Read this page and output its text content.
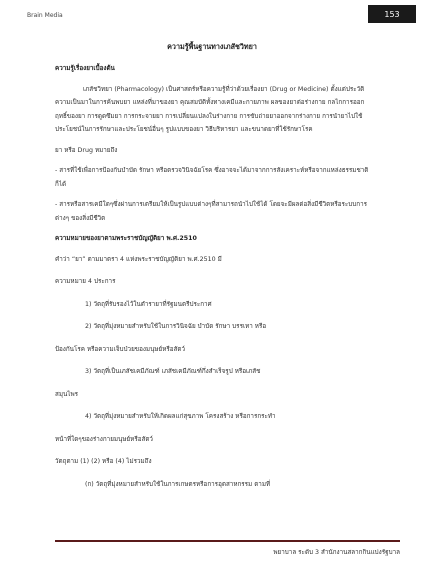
Brain Media	153
ความรู้พื้นฐานทางเภสัชวิทยา

ความรู้เรื่องยาเบื้องต้น

เภสัชวิทยา (Pharmacology) เป็นศาสตร์หรือความรู้ที่ว่าด้วยเรื่องยา (Drug or Medicine) ตั้งแต่ประวัติความเป็นมาในการค้นพบยา แหล่งที่มาของยา คุณสมบัติทั้งทางเคมีและกายภาพ ผลของยาต่อร่างกาย กลไกการออกฤทธิ์ของยา การดูดซึมยา การกระจายยา การเปลี่ยนแปลงในร่างกาย การขับถ่ายยาออกจากร่างกาย การนำยาไปใช้ประโยชน์ในการรักษาและประโยชน์อื่นๆ รูปแบบของยา วิธีบริหารยา และขนาดยาที่ใช้รักษาโรค

ยา หรือ Drug หมายถึง

- สารที่ใช้เพื่อการป้องกันบำบัด รักษา หรือตรวจวินิจฉัยโรค ซึ่งอาจจะได้มาจากการสังเคราะห์หรือจากแหล่งธรรมชาติก็ได้

- สารหรือสารเคมีใดๆซึ่งผ่านการเตรียมให้เป็นรูปแบบต่างๆที่สามารถนำไปใช้ได้ โดยจะมีผลต่อสิ่งมีชีวิตหรือระบบการต่างๆ ของสิ่งมีชีวิต

ความหมายของยาตามพระราชบัญญัติยา พ.ศ.2510

คำว่า “ยา” ตามมาตรา 4 แห่งพระราชบัญญัติยา พ.ศ.2510 มี

ความหมาย 4 ประการ

1) วัตถุที่รับรองไว้ในตำรายาที่รัฐมนตรีประกาศ

2) วัตถุที่มุ่งหมายสำหรับใช้ในการวินิจฉัย บำบัด รักษา บรรเทา หรือ

ป้องกันโรค หรือความเจ็บป่วยของมนุษย์หรือสัตว์

3) วัตถุที่เป็นเภสัชเคมีภัณฑ์ เภสัชเคมีภัณฑ์กึ่งสำเร็จรูป หรือเภสัช

สมุนไพร

4) วัตถุที่มุ่งหมายสำหรับให้เกิดผลแก่สุขภาพ โครงสร้าง หรือการกระทำ

หน้าที่ใดๆของร่างกายมนุษย์หรือสัตว์

วัตถุตาม (1) (2) หรือ (4) ไม่รวมถึง

(ก) วัตถุที่มุ่งหมายสำหรับใช้ในการเกษตรหรือการอุตสาหกรรม ตามที่

พยาบาล ระดับ 3 สำนักงานสลากกินแบ่งรัฐบาล
